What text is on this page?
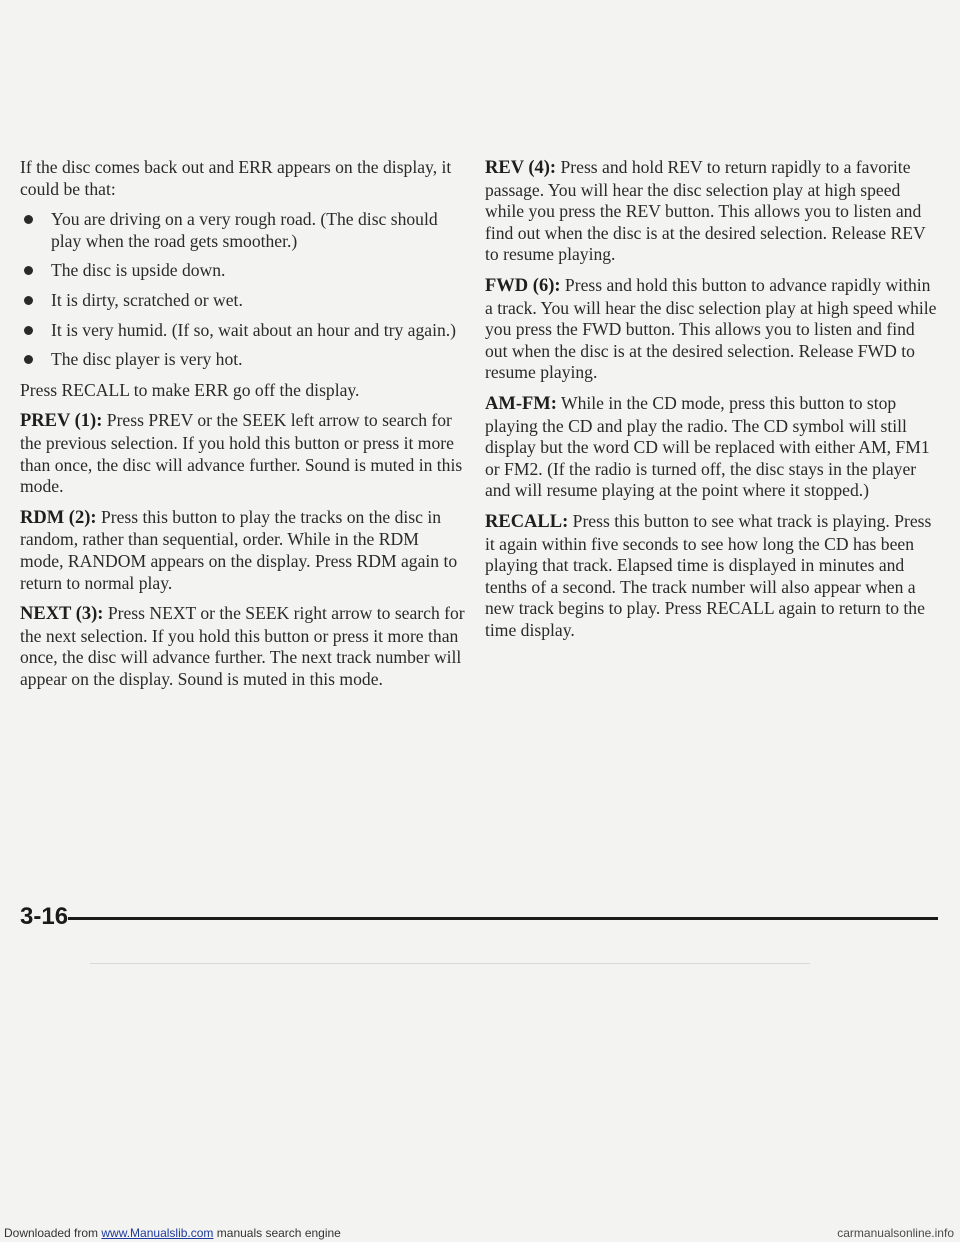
If the disc comes back out and ERR appears on the display, it could be that:

You are driving on a very rough road. (The disc should play when the road gets smoother.)
The disc is upside down.
It is dirty, scratched or wet.
It is very humid. (If so, wait about an hour and try again.)
The disc player is very hot.

Press RECALL to make ERR go off the display.

PREV (1): Press PREV or the SEEK left arrow to search for the previous selection. If you hold this button or press it more than once, the disc will advance further. Sound is muted in this mode.

RDM (2): Press this button to play the tracks on the disc in random, rather than sequential, order. While in the RDM mode, RANDOM appears on the display. Press RDM again to return to normal play.

NEXT (3): Press NEXT or the SEEK right arrow to search for the next selection. If you hold this button or press it more than once, the disc will advance further. The next track number will appear on the display. Sound is muted in this mode.

REV (4): Press and hold REV to return rapidly to a favorite passage. You will hear the disc selection play at high speed while you press the REV button. This allows you to listen and find out when the disc is at the desired selection. Release REV to resume playing.

FWD (6): Press and hold this button to advance rapidly within a track. You will hear the disc selection play at high speed while you press the FWD button. This allows you to listen and find out when the disc is at the desired selection. Release FWD to resume playing.

AM-FM: While in the CD mode, press this button to stop playing the CD and play the radio. The CD symbol will still display but the word CD will be replaced with either AM, FM1 or FM2. (If the radio is turned off, the disc stays in the player and will resume playing at the point where it stopped.)

RECALL: Press this button to see what track is playing. Press it again within five seconds to see how long the CD has been playing that track. Elapsed time is displayed in minutes and tenths of a second. The track number will also appear when a new track begins to play. Press RECALL again to return to the time display.

3-16
Downloaded from www.Manualslib.com manuals search engine	carmanualsonline.info
